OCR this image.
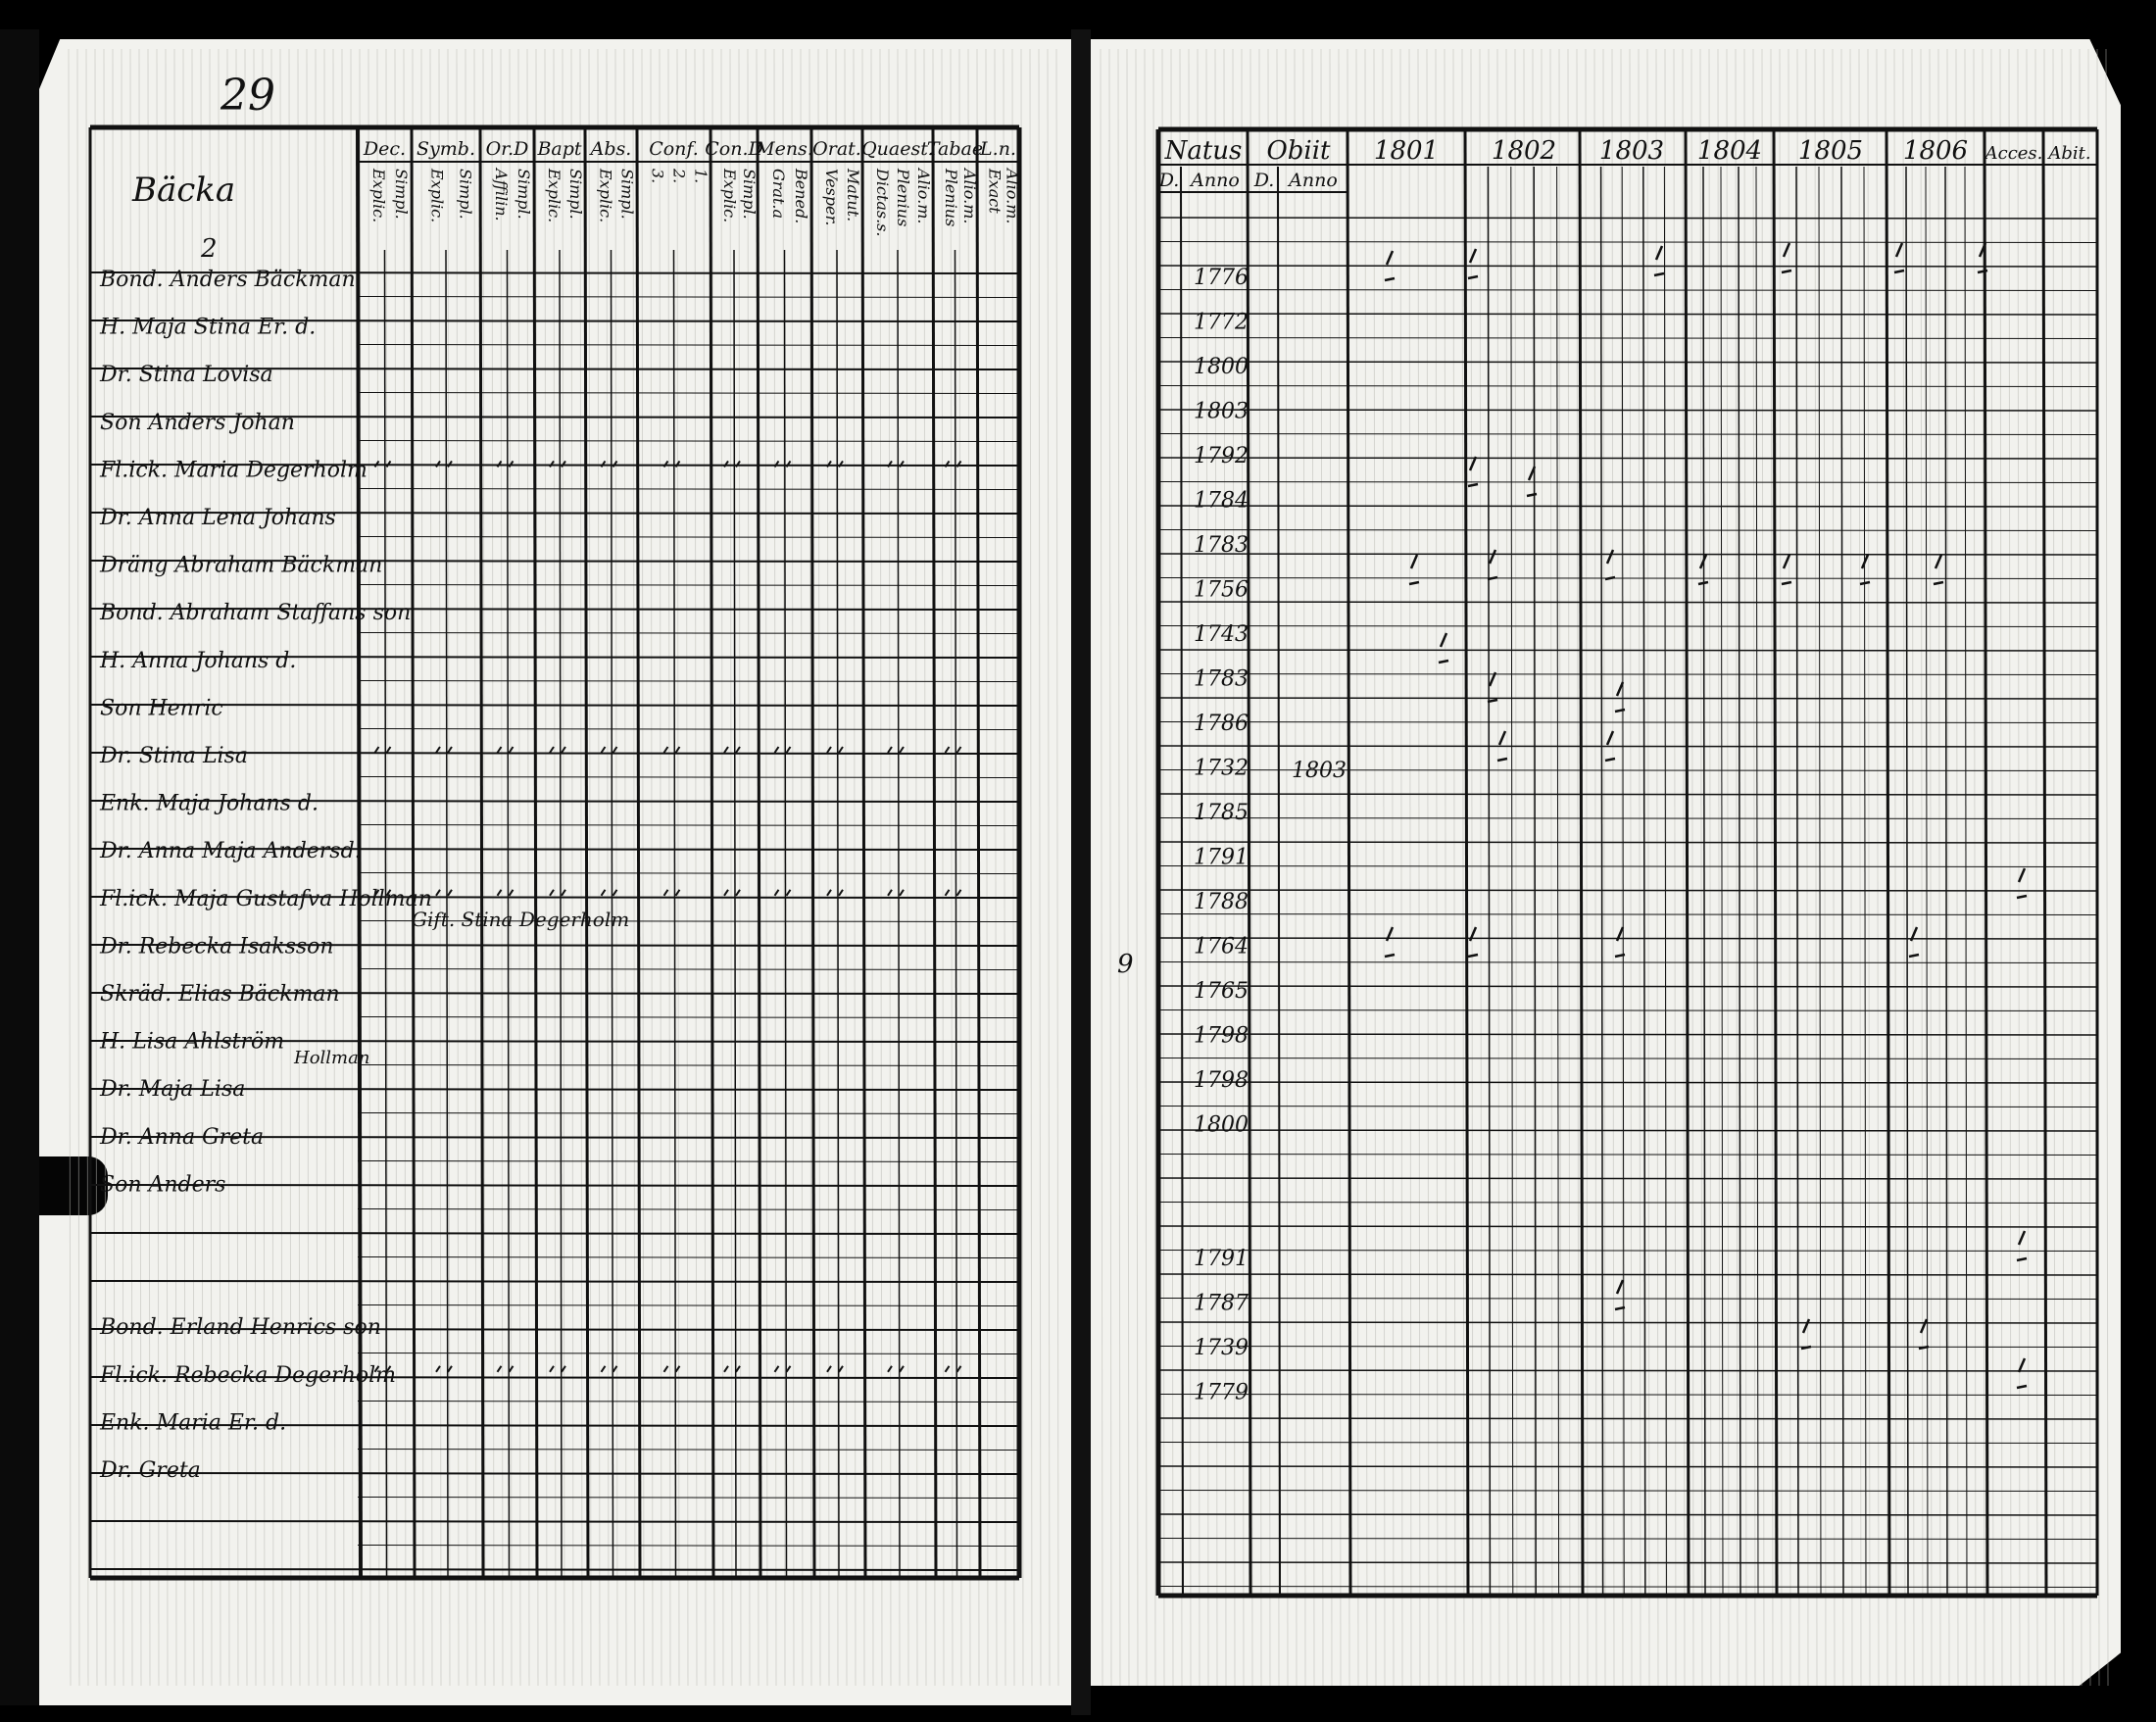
29
Bäcka
2
Hollman
Gift. Stina Degerholm
9
Dec.
Explic. Simpl.
Symb.
Explic. Simpl.
Or.D
Affilin. Simpl.
Bapt
Explic. Simpl.
Abs.
Explic. Simpl.
Conf.
3. 2. 1.
Con.D
Explic. Simpl.
Mens.
Grat.a Bened.
Orat.
Vesper. Matut.
Quaest.
Dictas.s. Plenius Alio.m.
Tabae
Plenius Alio.m.
L.n.
Exact
Alio.m.
Bond. Anders Bäckman
H. Maja Stina Er. d.
Dr. Stina Lovisa
Son Anders Johan
Fl.ick. Maria Degerholm
Dr. Anna Lena Johans
Dräng Abraham Bäckman
Bond. Abraham Staffans son
H. Anna Johans d.
Son Henric
Dr. Stina Lisa
Enk. Maja Johans d.
Dr. Anna Maja Andersd.
Fl.ick. Maja Gustafva Hollman
Dr. Rebecka Isaksson
Skräd. Elias Bäckman
H. Lisa Ahlström
Dr. Maja Lisa
Dr. Anna Greta
Son Anders
Bond. Erland Henrics son
Fl.ick. Rebecka Degerholm
Enk. Maria Er. d.
Dr. Greta
Natus Obiit 1801 1802 1803 1804 1805 1806 Acces. Abit.
D. Anno D. Anno
1776
1772
1800
1803
1792
1784
1783
1756
1743
1783
1786
1732
1785
1791
1788
1764
1765
1798
1798
1800
1791
1787
1739
1779
1803
